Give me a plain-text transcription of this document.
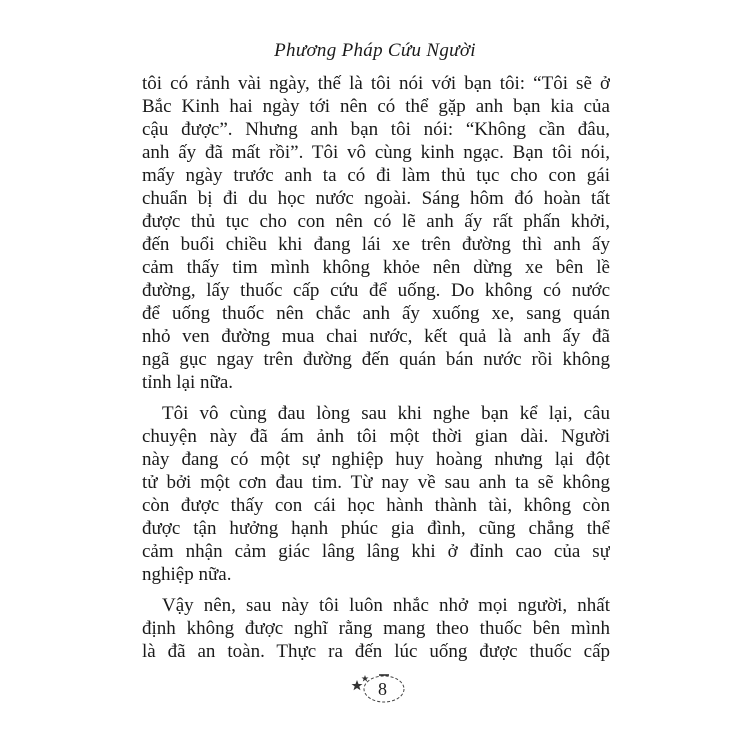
Phương Pháp Cứu Người
tôi có rảnh vài ngày, thế là tôi nói với bạn tôi: “Tôi sẽ ở
Bắc Kinh hai ngày tới nên có thể gặp anh bạn kia của
cậu được”. Nhưng anh bạn tôi nói: “Không cần đâu,
anh ấy đã mất rồi”. Tôi vô cùng kinh ngạc. Bạn tôi nói,
mấy ngày trước anh ta có đi làm thủ tục cho con gái
chuẩn bị đi du học nước ngoài. Sáng hôm đó hoàn tất
được thủ tục cho con nên có lẽ anh ấy rất phấn khởi,
đến buổi chiều khi đang lái xe trên đường thì anh ấy
cảm thấy tim mình không khỏe nên dừng xe bên lề
đường, lấy thuốc cấp cứu để uống. Do không có nước
để uống thuốc nên chắc anh ấy xuống xe, sang quán
nhỏ ven đường mua chai nước, kết quả là anh ấy đã
ngã gục ngay trên đường đến quán bán nước rồi không
tỉnh lại nữa.
Tôi vô cùng đau lòng sau khi nghe bạn kể lại, câu
chuyện này đã ám ảnh tôi một thời gian dài. Người
này đang có một sự nghiệp huy hoàng nhưng lại đột
tử bởi một cơn đau tim. Từ nay về sau anh ta sẽ không
còn được thấy con cái học hành thành tài, không còn
được tận hưởng hạnh phúc gia đình, cũng chẳng thể
cảm nhận cảm giác lâng lâng khi ở đỉnh cao của sự
nghiệp nữa.
Vậy nên, sau này tôi luôn nhắc nhở mọi người, nhất
định không được nghĩ rằng mang theo thuốc bên mình
là đã an toàn. Thực ra đến lúc uống được thuốc cấp
8
